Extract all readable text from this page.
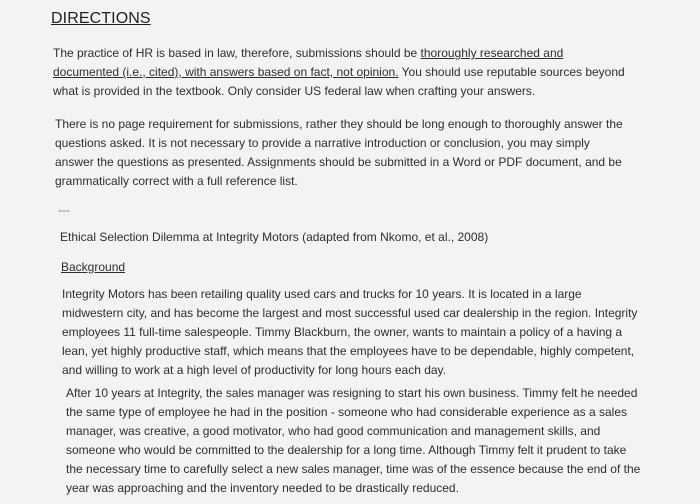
DIRECTIONS
The practice of HR is based in law, therefore, submissions should be thoroughly researched and
documented (i.e., cited), with answers based on fact, not opinion. You should use reputable sources beyond
what is provided in the textbook. Only consider US federal law when crafting your answers.
There is no page requirement for submissions, rather they should be long enough to thoroughly answer the
questions asked. It is not necessary to provide a narrative introduction or conclusion, you may simply
answer the questions as presented. Assignments should be submitted in a Word or PDF document, and be
grammatically correct with a full reference list.
---
Ethical Selection Dilemma at Integrity Motors (adapted from Nkomo, et al., 2008)
Background
Integrity Motors has been retailing quality used cars and trucks for 10 years. It is located in a large
midwestern city, and has become the largest and most successful used car dealership in the region. Integrity
employees 11 full-time salespeople. Timmy Blackburn, the owner, wants to maintain a policy of a having a
lean, yet highly productive staff, which means that the employees have to be dependable, highly competent,
and willing to work at a high level of productivity for long hours each day.
After 10 years at Integrity, the sales manager was resigning to start his own business. Timmy felt he needed
the same type of employee he had in the position - someone who had considerable experience as a sales
manager, was creative, a good motivator, who had good communication and management skills, and
someone who would be committed to the dealership for a long time. Although Timmy felt it prudent to take
the necessary time to carefully select a new sales manager, time was of the essence because the end of the
year was approaching and the inventory needed to be drastically reduced.
